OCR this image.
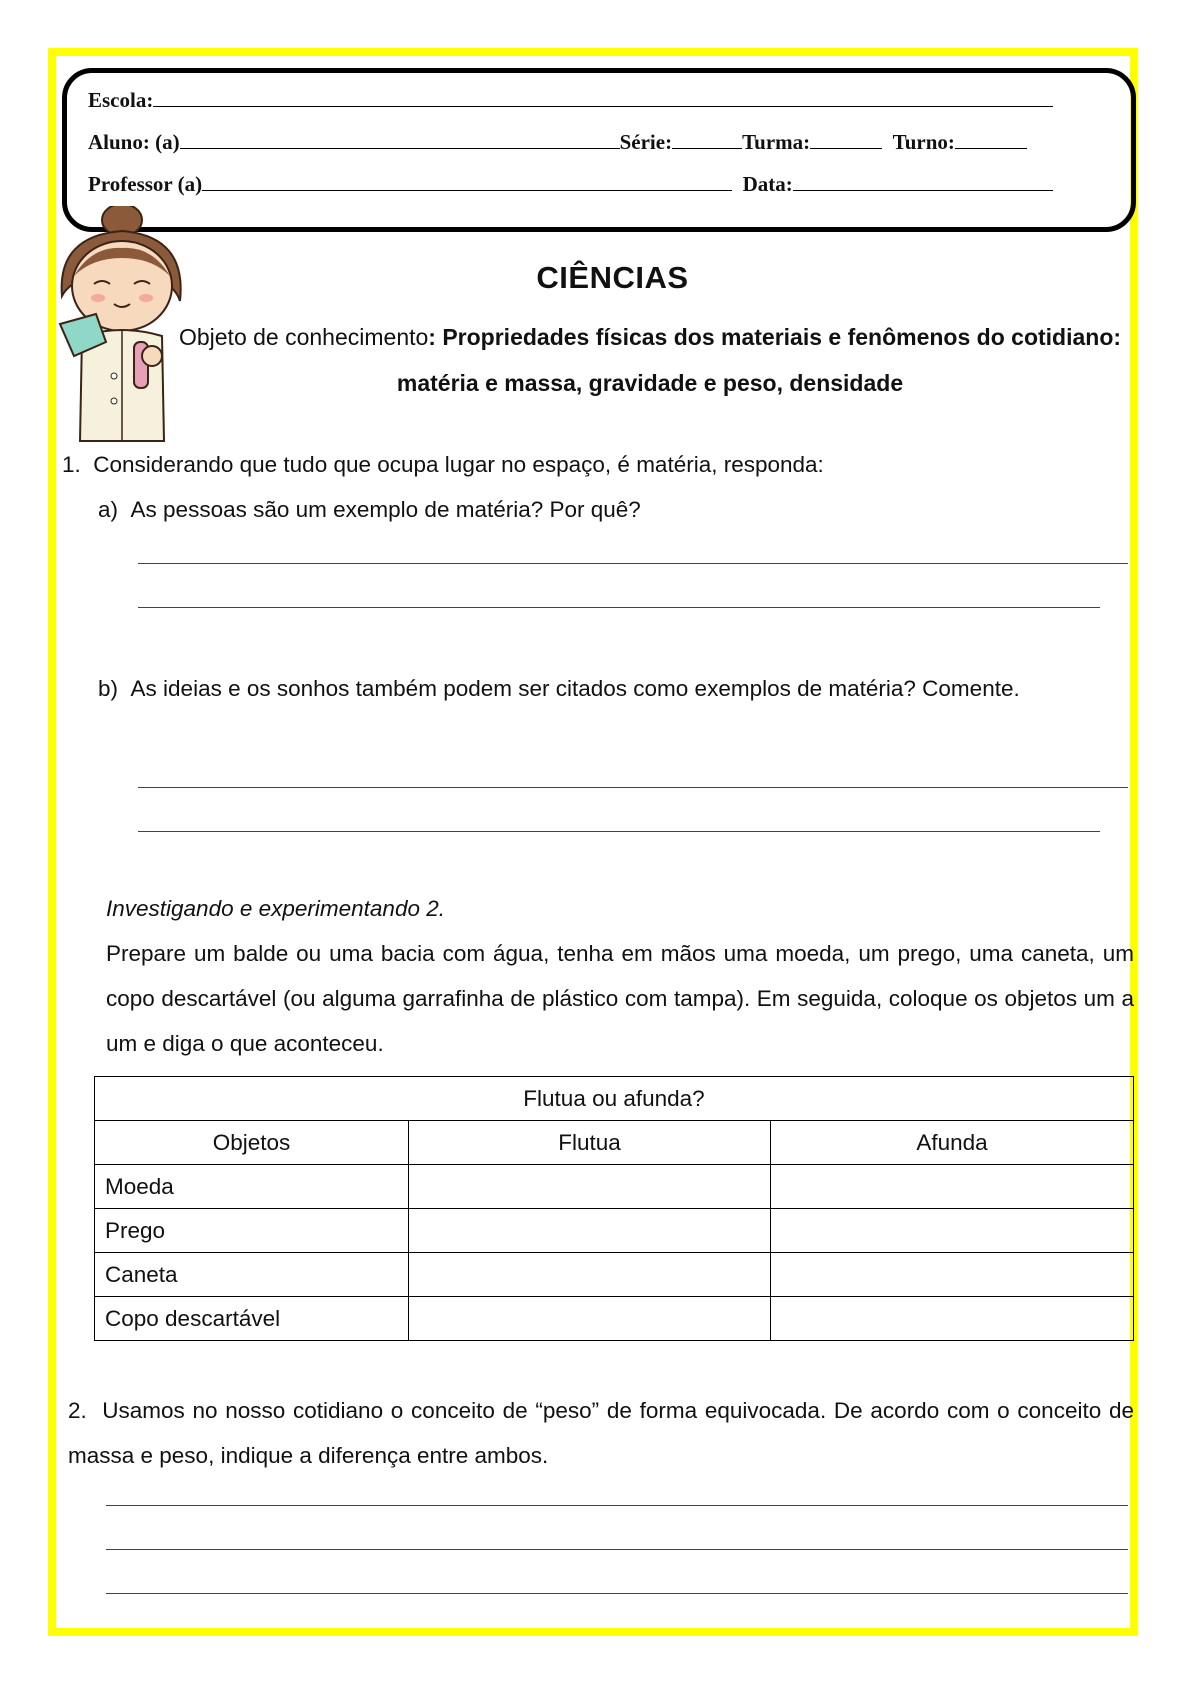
Escola:
Aluno: (a)	Série:	Turma:	Turno:
Professor (a)	Data:
CIÊNCIAS
Objeto de conhecimento: Propriedades físicas dos materiais e fenômenos do cotidiano: matéria e massa, gravidade e peso, densidade
1. Considerando que tudo que ocupa lugar no espaço, é matéria, responda:
a) As pessoas são um exemplo de matéria? Por quê?
b) As ideias e os sonhos também podem ser citados como exemplos de matéria? Comente.
Investigando e experimentando 2.
Prepare um balde ou uma bacia com água, tenha em mãos uma moeda, um prego, uma caneta, um copo descartável (ou alguma garrafinha de plástico com tampa). Em seguida, coloque os objetos um a um e diga o que aconteceu.
Flutua ou afunda?		
Objetos	Flutua	Afunda
Moeda		
Prego		
Caneta		
Copo descartável		
2. Usamos no nosso cotidiano o conceito de “peso” de forma equivocada. De acordo com o conceito de massa e peso, indique a diferença entre ambos.
